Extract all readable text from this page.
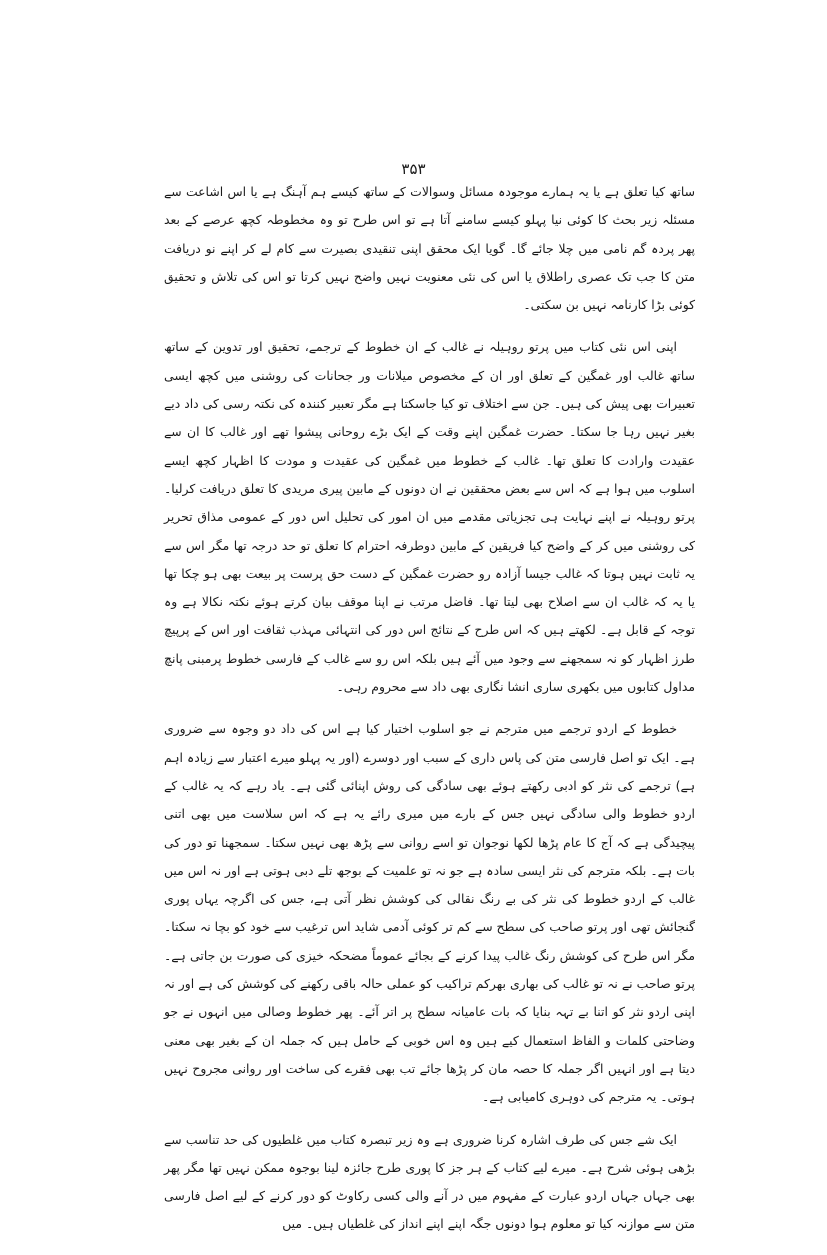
۳۵۳

ساتھ کیا تعلق ہے یا یہ ہمارے موجودہ مسائل وسوالات کے ساتھ کیسے ہم آہنگ ہے یا اس اشاعت سے مسئلہ زیر بحث کا کوئی نیا پہلو کیسے سامنے آتا ہے تو اس طرح تو وہ مخطوطہ کچھ عرصے کے بعد پھر پردہ گم نامی میں چلا جائے گا۔ گویا ایک محقق اپنی تنقیدی بصیرت سے کام لے کر اپنے نو دریافت متن کا جب تک عصری راطلاق یا اس کی نئی معنویت نہیں واضح نہیں کرتا تو اس کی تلاش و تحقیق کوئی بڑا کارنامہ نہیں بن سکتی۔

اپنی اس نئی کتاب میں پرتو روہیلہ نے غالب کے ان خطوط کے ترجمے، تحقیق اور تدوین کے ساتھ ساتھ غالب اور غمگین کے تعلق اور ان کے مخصوص میلانات ور جحانات کی روشنی میں کچھ ایسی تعبیرات بھی پیش کی ہیں۔ جن سے اختلاف تو کیا جاسکتا ہے مگر تعبیر کنندہ کی نکتہ رسی کی داد دیے بغیر نہیں رہا جا سکتا۔ حضرت غمگین اپنے وقت کے ایک بڑے روحانی پیشوا تھے اور غالب کا ان سے عقیدت وارادت کا تعلق تھا۔ غالب کے خطوط میں غمگین کی عقیدت و مودت کا اظہار کچھ ایسے اسلوب میں ہوا ہے کہ اس سے بعض محققین نے ان دونوں کے مابین پیری مریدی کا تعلق دریافت کرلیا۔ پرتو روہیلہ نے اپنے نہایت ہی تجزیاتی مقدمے میں ان امور کی تحلیل اس دور کے عمومی مذاق تحریر کی روشنی میں کر کے واضح کیا فریقین کے مابین دوطرفہ احترام کا تعلق تو حد درجہ تھا مگر اس سے یہ ثابت نہیں ہوتا کہ غالب جیسا آزادہ رو حضرت غمگین کے دست حق پرست پر بیعت بھی ہو چکا تھا یا یہ کہ غالب ان سے اصلاح بھی لیتا تھا۔ فاضل مرتب نے اپنا موقف بیان کرتے ہوئے نکتہ نکالا ہے وہ توجہ کے قابل ہے۔ لکھتے ہیں کہ اس طرح کے نتائج اس دور کی انتہائی مہذب ثقافت اور اس کے پرپیچ طرز اظہار کو نہ سمجھنے سے وجود میں آئے ہیں بلکہ اس رو سے غالب کے فارسی خطوط پرمبنی پانچ مداول کتابوں میں بکھری ساری انشا نگاری بھی داد سے محروم رہی۔

خطوط کے اردو ترجمے میں مترجم نے جو اسلوب اختیار کیا ہے اس کی داد دو وجوہ سے ضروری ہے۔ ایک تو اصل فارسی متن کی پاس داری کے سبب اور دوسرے (اور یہ پہلو میرے اعتبار سے زیادہ اہم ہے) ترجمے کی نثر کو ادبی رکھتے ہوئے بھی سادگی کی روش اپنائی گئی ہے۔ یاد رہے کہ یہ غالب کے اردو خطوط والی سادگی نہیں جس کے بارے میں میری رائے یہ ہے کہ اس سلاست میں بھی اتنی پیچیدگی ہے کہ آج کا عام پڑھا لکھا نوجوان تو اسے روانی سے پڑھ بھی نہیں سکتا۔ سمجھنا تو دور کی بات ہے۔ بلکہ مترجم کی نثر ایسی سادہ ہے جو نہ تو علمیت کے بوجھ تلے دبی ہوتی ہے اور نہ اس میں غالب کے اردو خطوط کی نثر کی بے رنگ نقالی کی کوشش نظر آتی ہے، جس کی اگرچہ یہاں پوری گنجائش تھی اور پرتو صاحب کی سطح سے کم تر کوئی آدمی شاید اس ترغیب سے خود کو بچا نہ سکتا۔ مگر اس طرح کی کوشش رنگ غالب پیدا کرنے کے بجائے عموماً مضحکہ خیزی کی صورت بن جاتی ہے۔ پرتو صاحب نے نہ تو غالب کی بھاری بھرکم تراکیب کو عملی حالہ باقی رکھنے کی کوشش کی ہے اور نہ اپنی اردو نثر کو اتنا بے تہہ بنایا کہ بات عامیانہ سطح پر اتر آئے۔ پھر خطوط وصالی میں انہوں نے جو وضاحتی کلمات و الفاظ استعمال کیے ہیں وہ اس خوبی کے حامل ہیں کہ جملہ ان کے بغیر بھی معنی دیتا ہے اور انہیں اگر جملہ کا حصہ مان کر پڑھا جائے تب بھی فقرے کی ساخت اور روانی مجروح نہیں ہوتی۔ یہ مترجم کی دوہری کامیابی ہے۔

ایک شے جس کی طرف اشارہ کرنا ضروری ہے وہ زیر تبصرہ کتاب میں غلطیوں کی حد تناسب سے بڑھی ہوئی شرح ہے۔ میرے لیے کتاب کے ہر جز کا پوری طرح جائزہ لینا بوجوہ ممکن نہیں تھا مگر پھر بھی جہاں جہاں اردو عبارت کے مفہوم میں در آنے والی کسی رکاوٹ کو دور کرنے کے لیے اصل فارسی متن سے موازنہ کیا تو معلوم ہوا دونوں جگہ اپنے اپنے انداز کی غلطیاں ہیں۔ میں
